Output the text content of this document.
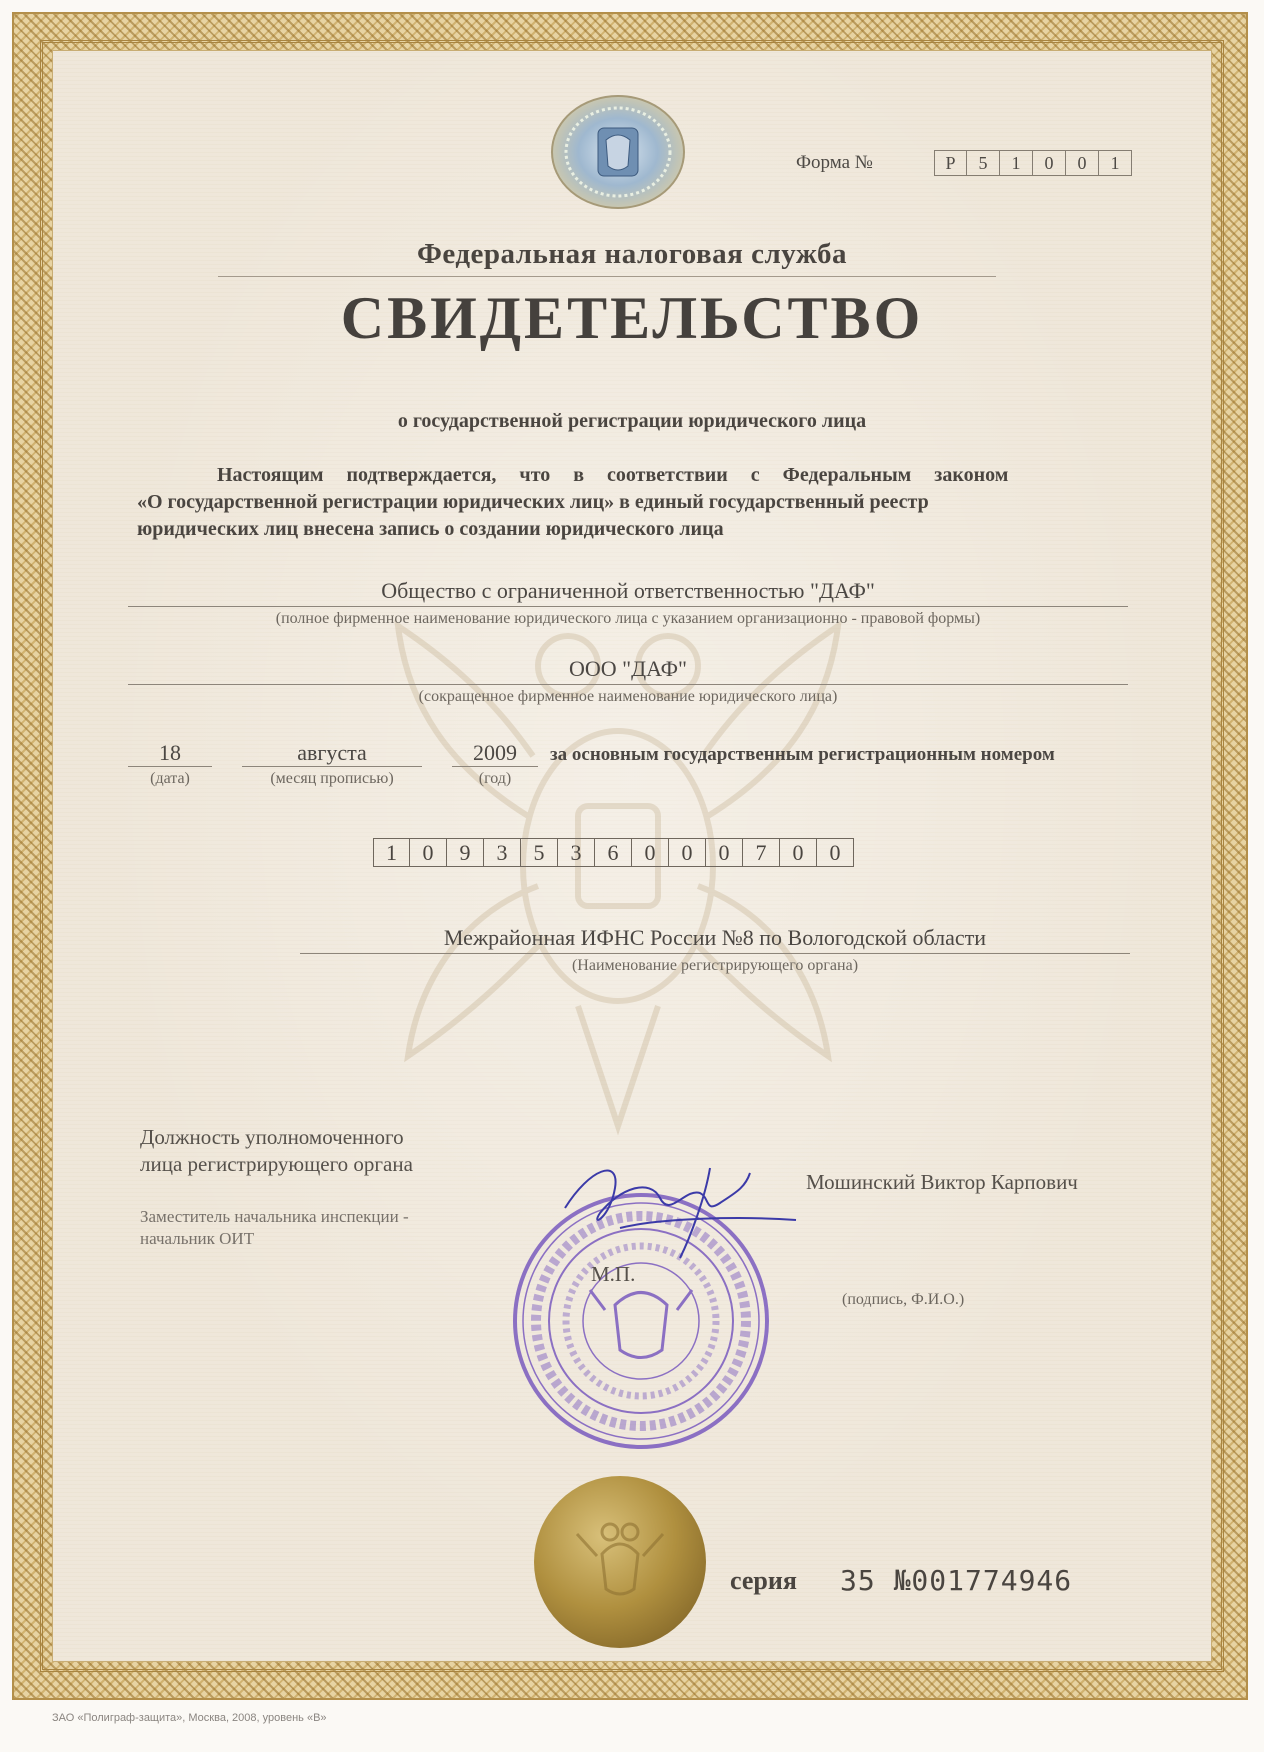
Форма №	Р	5	1	0	0	1
Федеральная налоговая служба
СВИДЕТЕЛЬСТВО
о государственной регистрации юридического лица
Настоящим подтверждается, что в соответствии с Федеральным законом
«О государственной регистрации юридических лиц» в единый государственный реестр
юридических лиц внесена запись о создании юридического лица
Общество с ограниченной ответственностью "ДАФ"
(полное фирменное наименование юридического лица с указанием организационно - правовой формы)
ООО "ДАФ"
(сокращенное фирменное наименование юридического лица)
18
(дата)
августа
(месяц прописью)
2009
(год)
за основным государственным регистрационным номером
1	0	9	3	5	3	6	0	0	0	7	0	0
Межрайонная ИФНС России №8 по Вологодской области
(Наименование регистрирующего органа)
Должность уполномоченного
лица регистрирующего органа
Заместитель начальника инспекции -
начальник ОИТ
Мошинский Виктор Карпович
(подпись, Ф.И.О.)
М.П.
серия 35 №001774946
ЗАО «Полиграф-защита», Москва, 2008, уровень «В»
